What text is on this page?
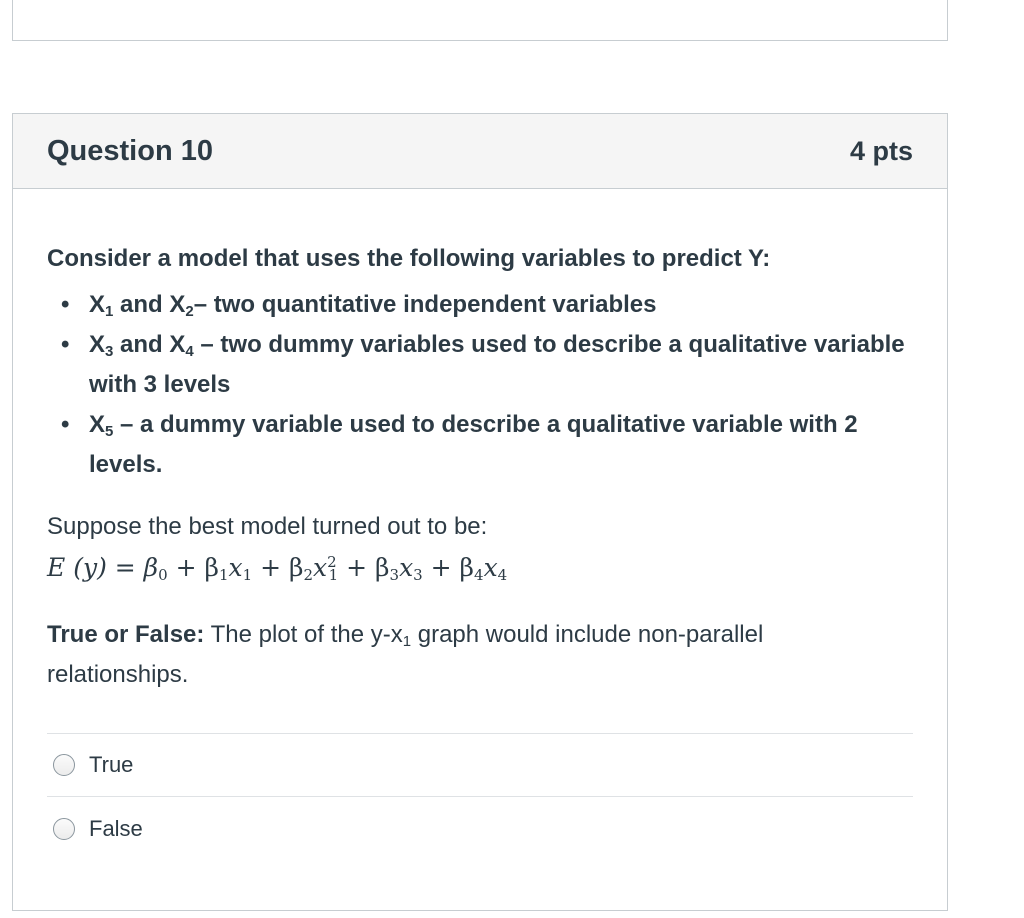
Question 10	4 pts

Consider a model that uses the following variables to predict Y:

• $X_1$ and $X_2-$ two quantitative independent variables
• $X_3$ and $X_4$ – two dummy variables used to describe a qualitative variable with 3 levels
• $X_5$ – a dummy variable used to describe a qualitative variable with 2 levels.
Suppose the best model turned out to be:
E $(y) = \beta_0 + \beta_1x_1 + \beta_2x^2_1 + \beta_3x_3 + \beta_4x_4$
True or False: The plot of the $y-x_1$ graph would include non-parallel relationships.
True
False
